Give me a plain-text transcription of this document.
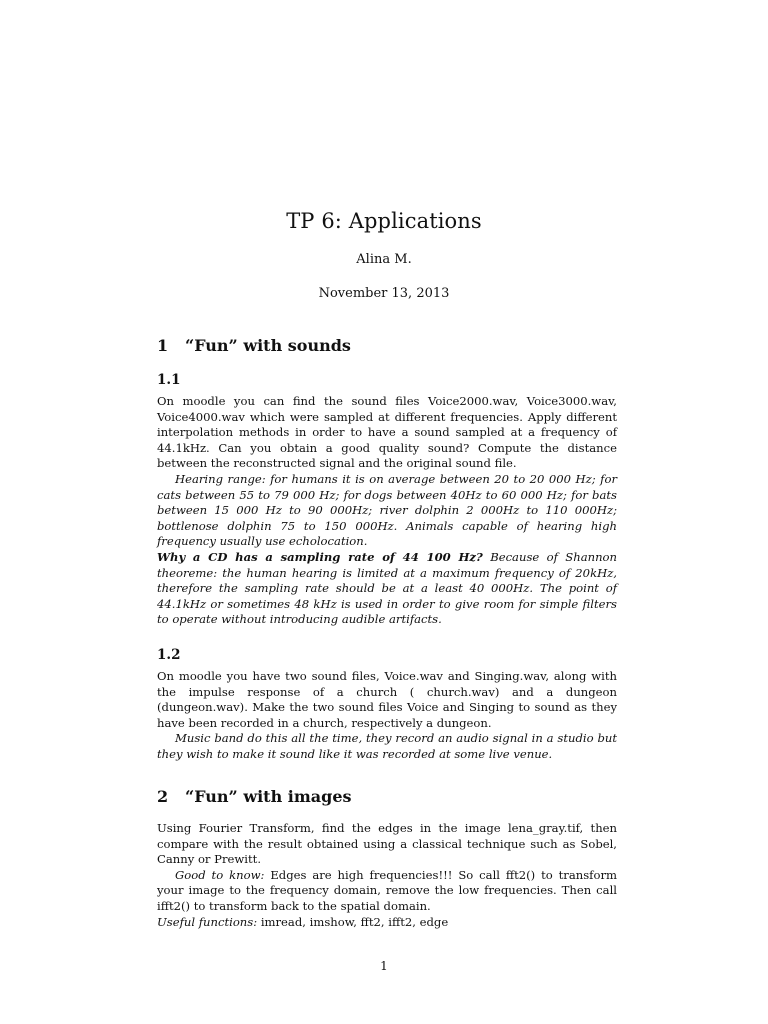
TP 6: Applications
Alina M.
November 13, 2013
1 “Fun” with sounds
1.1

On moodle you can find the sound files Voice2000.wav, Voice3000.wav, Voice4000.wav which were sampled at different frequencies. Apply different interpolation methods in order to have a sound sampled at a frequency of 44.1kHz. Can you obtain a good quality sound? Compute the distance between the reconstructed signal and the original sound file.

Hearing range: for humans it is on average between 20 to 20 000 Hz; for cats between 55 to 79 000 Hz; for dogs between 40Hz to 60 000 Hz; for bats between 15 000 Hz to 90 000Hz; river dolphin 2 000Hz to 110 000Hz; bottlenose dolphin 75 to 150 000Hz. Animals capable of hearing high frequency usually use echolocation.

Why a CD has a sampling rate of 44 100 Hz? Because of Shannon theoreme: the human hearing is limited at a maximum frequency of 20kHz, therefore the sampling rate should be at a least 40 000Hz. The point of 44.1kHz or sometimes 48 kHz is used in order to give room for simple filters to operate without introducing audible artifacts.

1.2

On moodle you have two sound files, Voice.wav and Singing.wav, along with the impulse response of a church ( church.wav) and a dungeon (dungeon.wav). Make the two sound files Voice and Singing to sound as they have been recorded in a church, respectively a dungeon.

Music band do this all the time, they record an audio signal in a studio but they wish to make it sound like it was recorded at some live venue.

2 “Fun” with images

Using Fourier Transform, find the edges in the image lena_gray.tif, then compare with the result obtained using a classical technique such as Sobel, Canny or Prewitt.

Good to know: Edges are high frequencies!!! So call fft2() to transform your image to the frequency domain, remove the low frequencies. Then call ifft2() to transform back to the spatial domain.

Useful functions: imread, imshow, fft2, ifft2, edge

1
